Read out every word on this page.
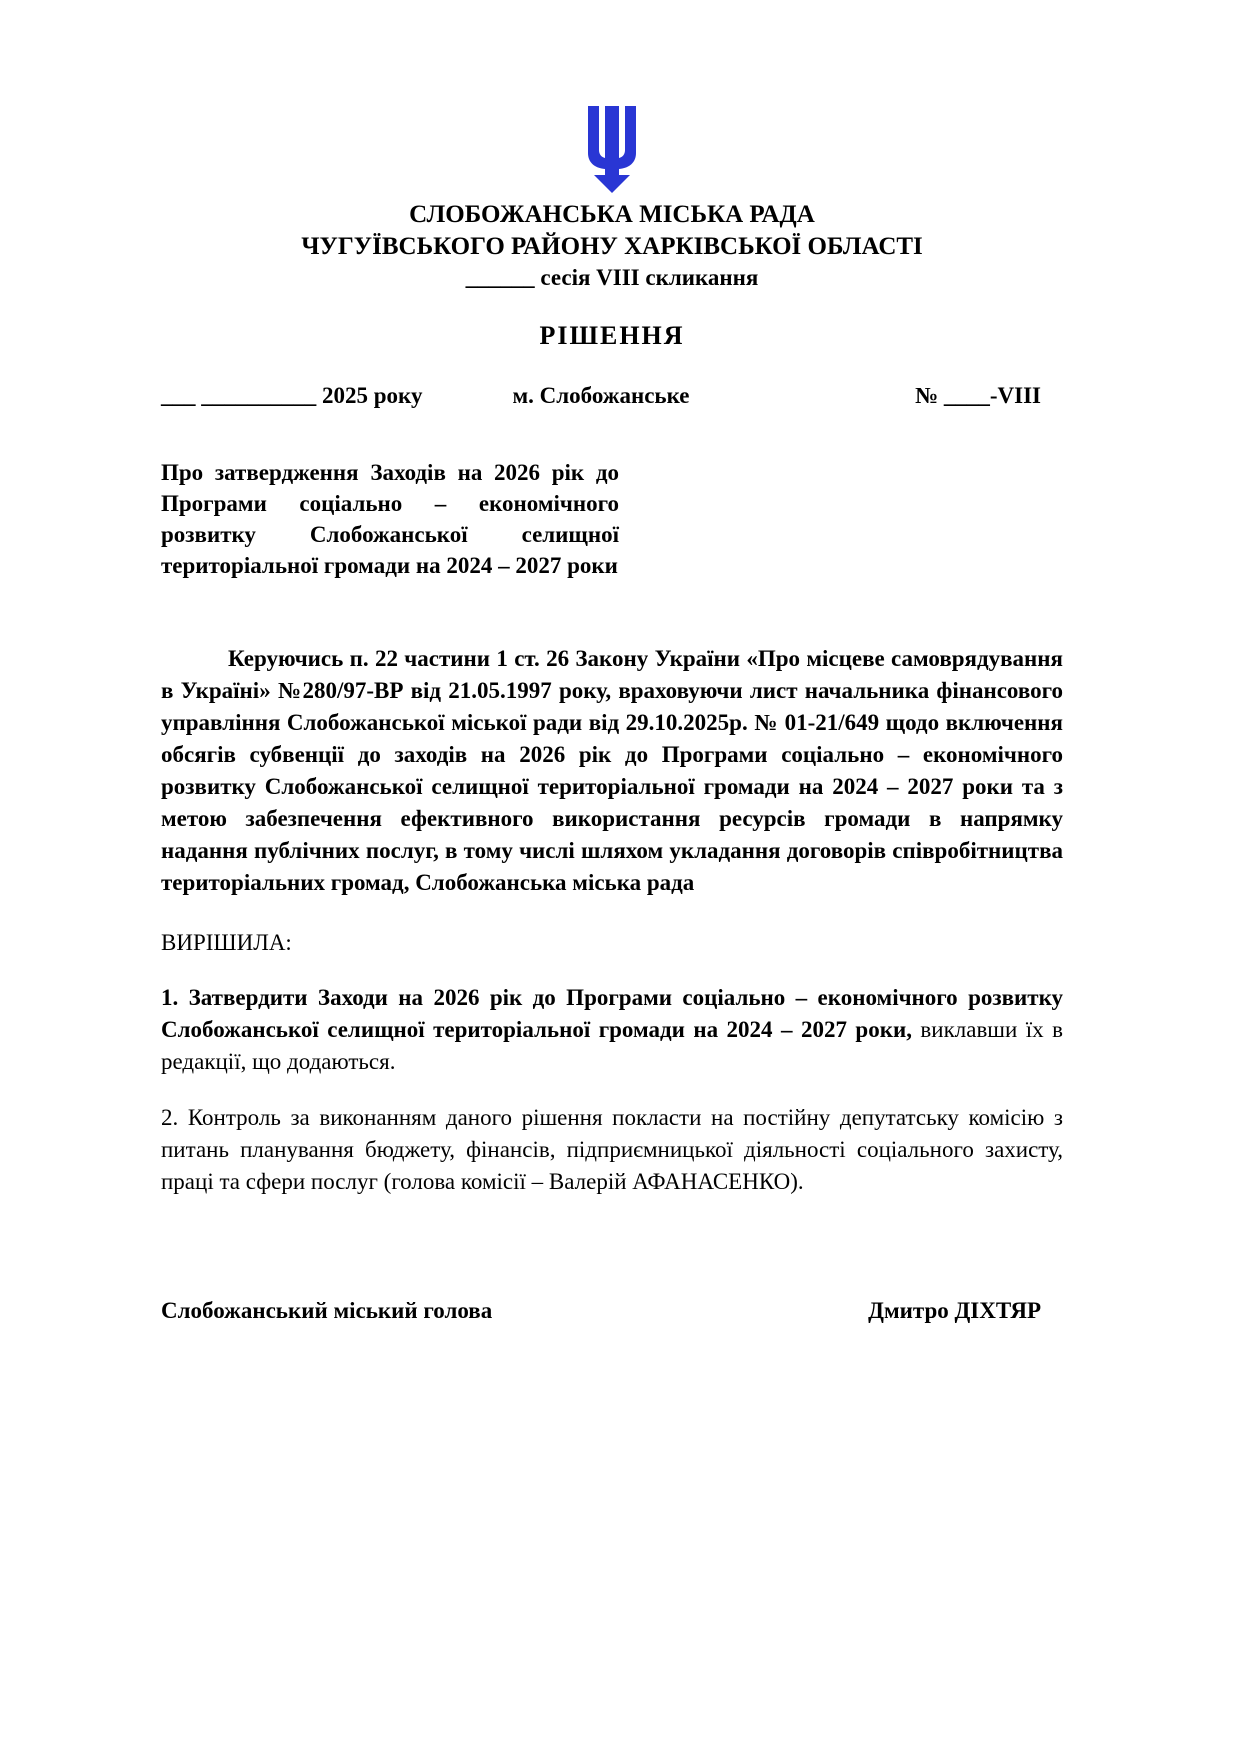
СЛОБОЖАНСЬКА МІСЬКА РАДА
ЧУГУЇВСЬКОГО РАЙОНУ ХАРКІВСЬКОЇ ОБЛАСТІ
______ сесія VIII скликання
РІШЕННЯ
___ __________ 2025 року	м. Слобожанське	№ ____-VIII
Про затвердження Заходів на 2026 рік до Програми соціально – економічного розвитку Слобожанської селищної територіальної громади на 2024 – 2027 роки

Керуючись п. 22 частини 1 ст. 26 Закону України «Про місцеве самоврядування в Україні» №280/97-ВР від 21.05.1997 року, враховуючи лист начальника фінансового управління Слобожанської міської ради від 29.10.2025р. № 01-21/649 щодо включення обсягів субвенції до заходів на 2026 рік до Програми соціально – економічного розвитку Слобожанської селищної територіальної громади на 2024 – 2027 роки та з метою забезпечення ефективного використання ресурсів громади в напрямку надання публічних послуг, в тому числі шляхом укладання договорів співробітництва територіальних громад, Слобожанська міська рада

ВИРІШИЛА:

1. Затвердити Заходи на 2026 рік до Програми соціально – економічного розвитку Слобожанської селищної територіальної громади на 2024 – 2027 роки, виклавши їх в редакції, що додаються.

2. Контроль за виконанням даного рішення покласти на постійну депутатську комісію з питань планування бюджету, фінансів, підприємницької діяльності соціального захисту, праці та сфери послуг (голова комісії – Валерій АФАНАСЕНКО).

Слобожанський міський голова	Дмитро ДІХТЯР
